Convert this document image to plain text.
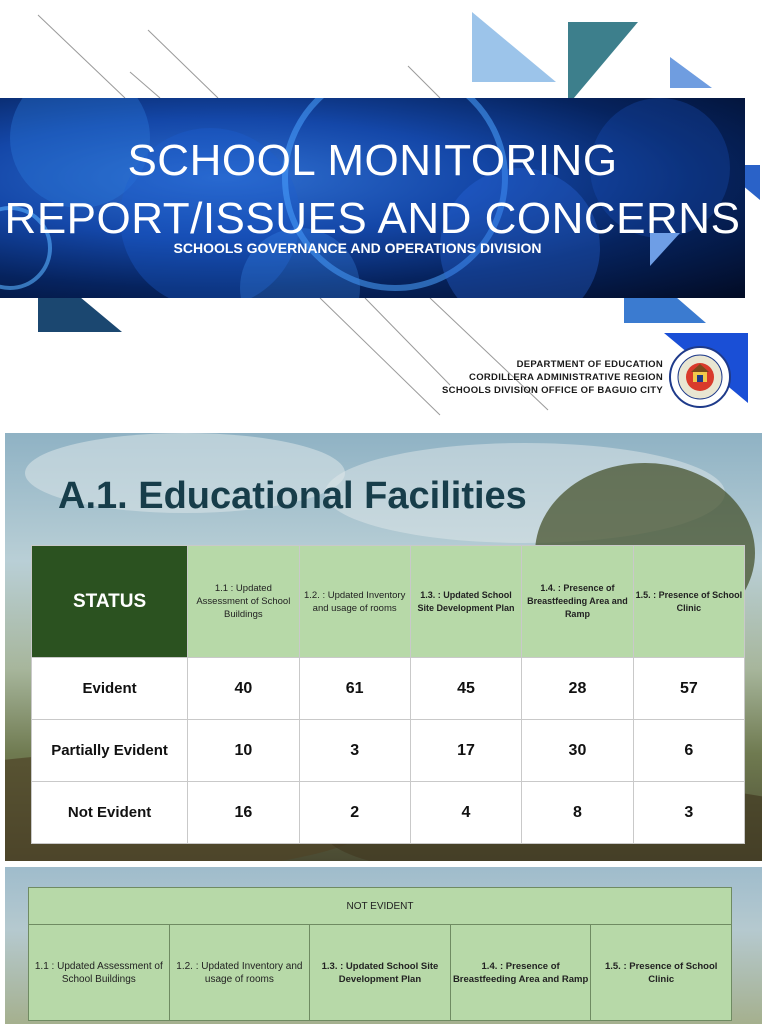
SCHOOL MONITORING
REPORT/ISSUES AND CONCERNS
SCHOOLS GOVERNANCE AND OPERATIONS DIVISION
DEPARTMENT OF EDUCATION
CORDILLERA ADMINISTRATIVE REGION
SCHOOLS DIVISION OFFICE OF BAGUIO CITY
A.1. Educational Facilities
STATUS	1.1 : Updated Assessment of School Buildings	1.2. : Updated Inventory and usage of rooms	1.3. : Updated School Site Development Plan	1.4. : Presence of Breastfeeding Area and Ramp	1.5. : Presence of School Clinic
Evident	40	61	45	28	57
Partially Evident	10	3	17	30	6
Not Evident	16	2	4	8	3
NOT EVIDENT
1.1 : Updated Assessment of School Buildings	1.2. : Updated Inventory and usage of rooms	1.3. : Updated School Site Development Plan	1.4. : Presence of Breastfeeding Area and Ramp	1.5. : Presence of School Clinic
